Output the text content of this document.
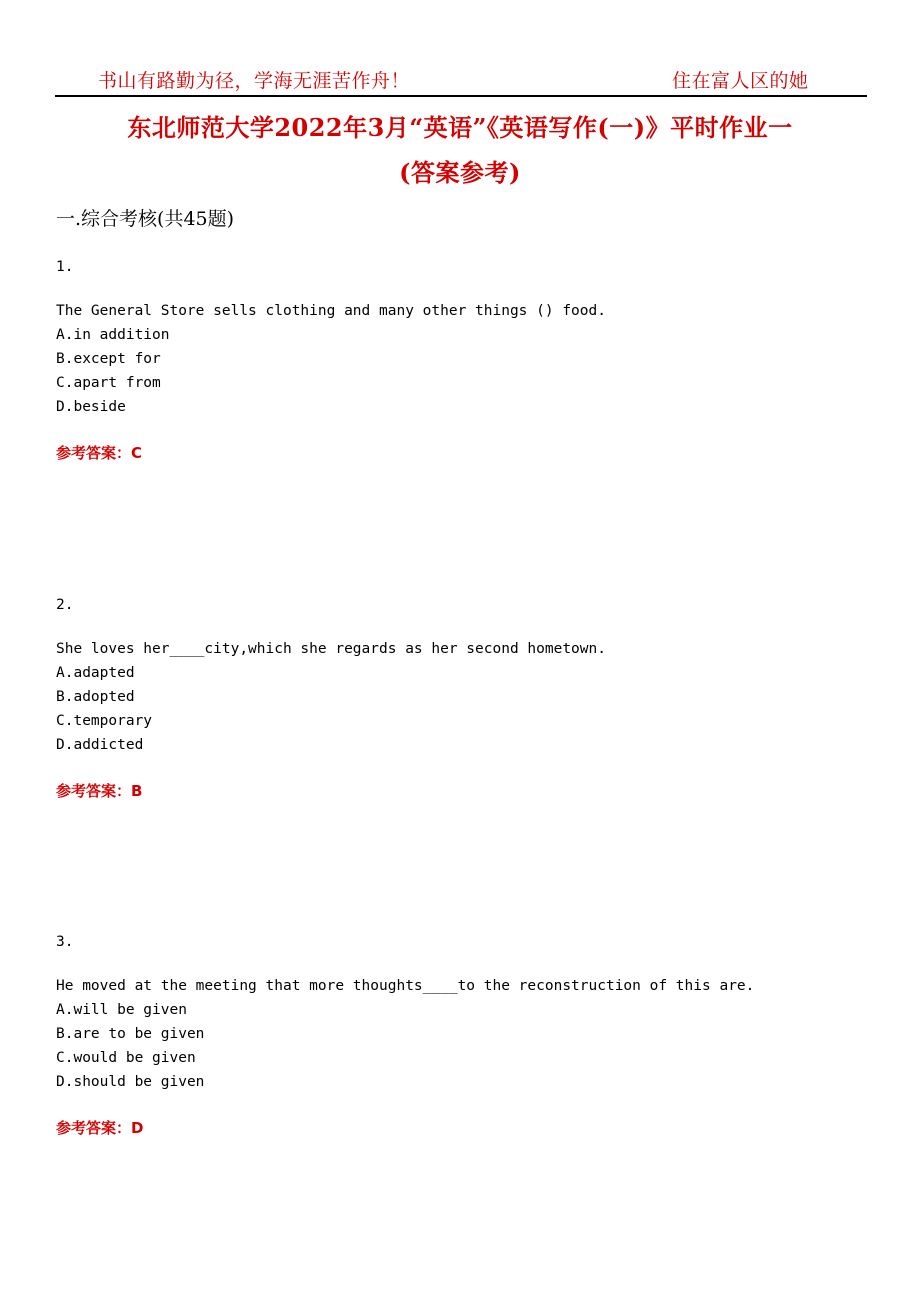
书山有路勤为径，学海无涯苦作舟！	住在富人区的她
东北师范大学2022年3月“英语”《英语写作(一)》平时作业一
(答案参考)
一.综合考核(共45题)
1.
The General Store sells clothing and many other things () food.
A.in addition
B.except for
C.apart from
D.beside
参考答案：C
2.
She loves her____city,which she regards as her second hometown.
A.adapted
B.adopted
C.temporary
D.addicted
参考答案：B
3.
He moved at the meeting that more thoughts____to the reconstruction of this are.
A.will be given
B.are to be given
C.would be given
D.should be given
参考答案：D
